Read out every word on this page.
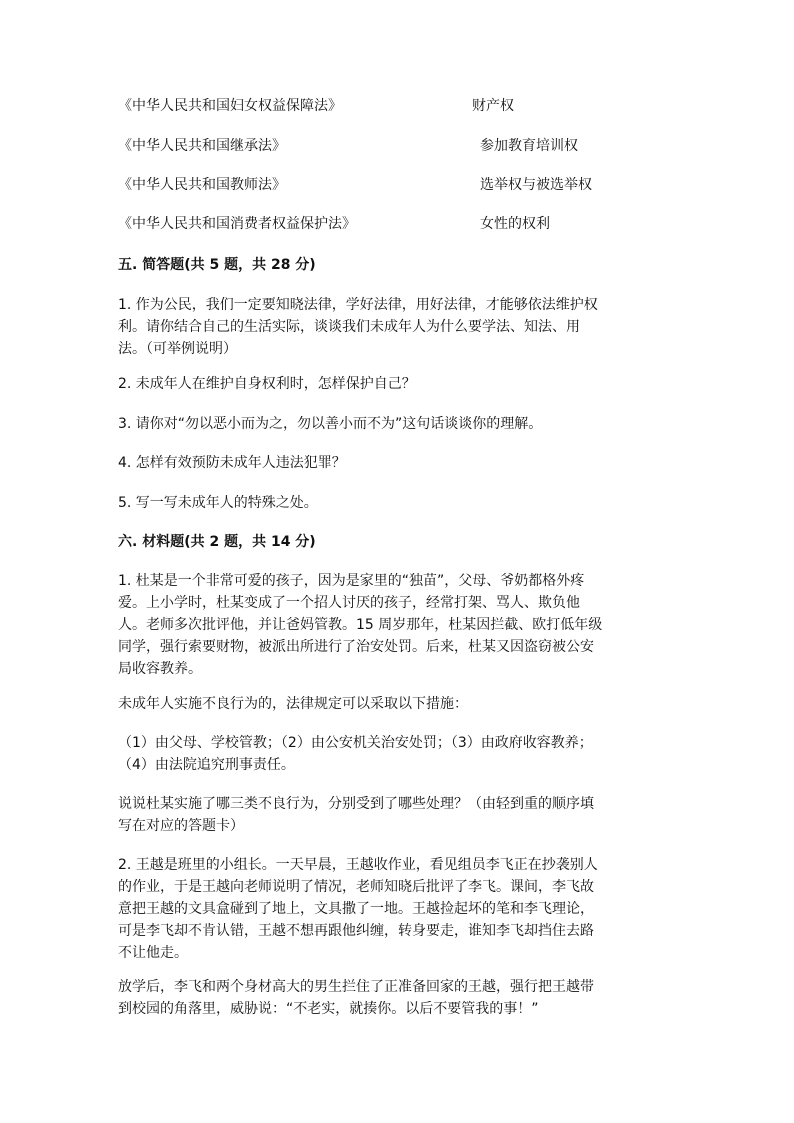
《中华人民共和国妇女权益保障法》	财产权
《中华人民共和国继承法》	参加教育培训权
《中华人民共和国教师法》	选举权与被选举权
《中华人民共和国消费者权益保护法》	女性的权利
五. 简答题(共 5 题，共 28 分)
1. 作为公民，我们一定要知晓法律，学好法律，用好法律，才能够依法维护权
利。请你结合自己的生活实际，谈谈我们未成年人为什么要学法、知法、用
法。（可举例说明）
2. 未成年人在维护自身权利时，怎样保护自己？
3. 请你对“勿以恶小而为之，勿以善小而不为”这句话谈谈你的理解。
4. 怎样有效预防未成年人违法犯罪？
5. 写一写未成年人的特殊之处。
六. 材料题(共 2 题，共 14 分)
1. 杜某是一个非常可爱的孩子，因为是家里的“独苗”，父母、爷奶都格外疼
爱。上小学时，杜某变成了一个招人讨厌的孩子，经常打架、骂人、欺负他
人。老师多次批评他，并让爸妈管教。15 周岁那年，杜某因拦截、欧打低年级
同学，强行索要财物，被派出所进行了治安处罚。后来，杜某又因盗窃被公安
局收容教养。
未成年人实施不良行为的，法律规定可以采取以下措施：
（1）由父母、学校管教；（2）由公安机关治安处罚；（3）由政府收容教养；
（4）由法院追究刑事责任。
说说杜某实施了哪三类不良行为，分别受到了哪些处理？（由轻到重的顺序填
写在对应的答题卡）
2. 王越是班里的小组长。一天早晨，王越收作业，看见组员李飞正在抄袭别人
的作业，于是王越向老师说明了情况，老师知晓后批评了李飞。课间，李飞故
意把王越的文具盒碰到了地上，文具撒了一地。王越捡起坏的笔和李飞理论，
可是李飞却不肯认错，王越不想再跟他纠缠，转身要走，谁知李飞却挡住去路
不让他走。
放学后，李飞和两个身材高大的男生拦住了正准备回家的王越，强行把王越带
到校园的角落里，威胁说：“不老实，就揍你。以后不要管我的事！”
